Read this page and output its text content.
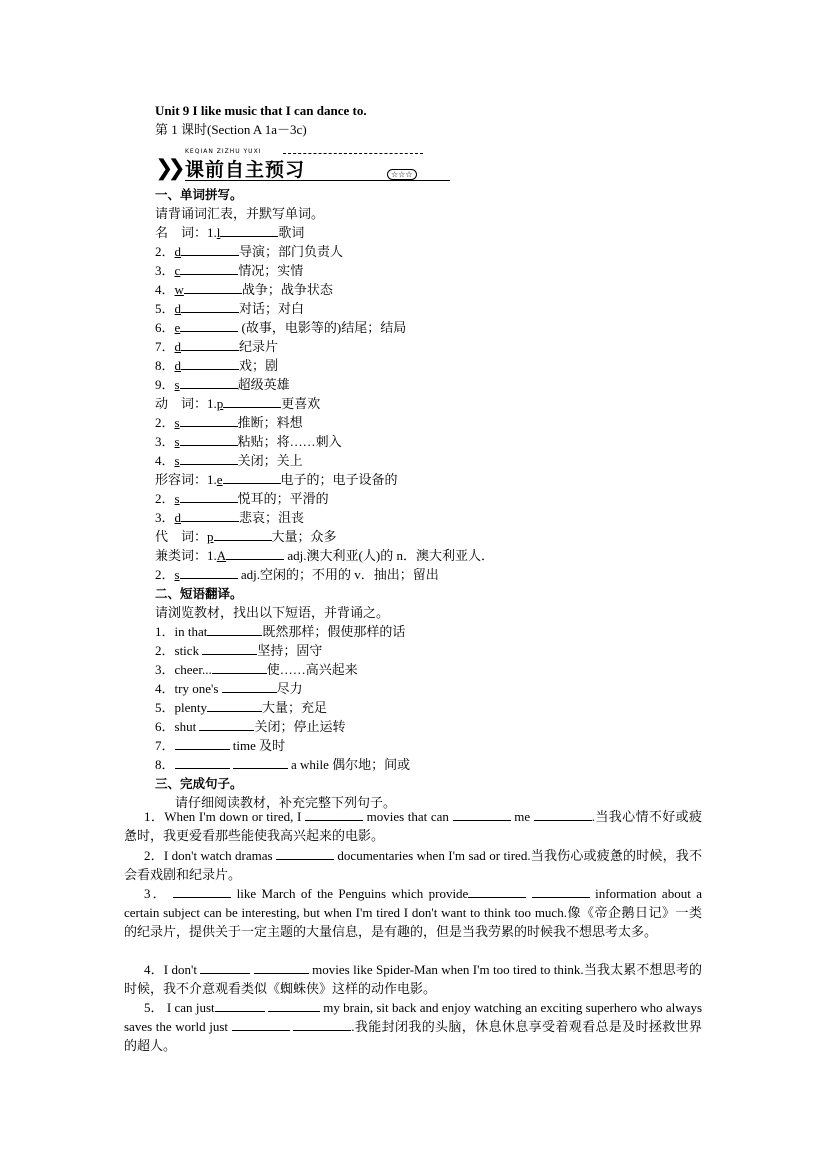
Unit 9 I like music that I can dance to.
第 1 课时(Section A 1a－3c)
❯❯
KEQIAN ZIZHU YUXI
课前自主预习	☆☆☆
一、单词拼写。
请背诵词汇表，并默写单词。
名　词：1.l	歌词
2．d	导演；部门负责人
3．c	情况；实情
4．w	战争；战争状态
5．d	对话；对白
6．e	(故事，电影等的)结尾；结局
7．d	纪录片
8．d	戏；剧
9．s	超级英雄
动　词：1.p	更喜欢
2．s	推断；料想
3．s	粘贴；将……刺入
4．s	关闭；关上
形容词：1.e	电子的；电子设备的
2．s	悦耳的；平滑的
3．d	悲哀；沮丧
代　词：p	大量；众多
兼类词：1.A	adj.澳大利亚(人)的 n．澳大利亚人．
2．s	adj.空闲的；不用的 v．抽出；留出
二、短语翻译。
请浏览教材，找出以下短语，并背诵之。
1．in that	既然那样；假使那样的话
2．stick	坚持；固守
3．cheer...	使……高兴起来
4．try one's	尽力
5．plenty	大量；充足
6．shut	关闭；停止运转
7．	time 及时
8．	a while 偶尔地；间或
三、完成句子。
请仔细阅读教材，补充完整下列句子。
1．When I'm down or tired, I	movies that can	me	.当我心情不好或疲惫时，我更爱看那些能使我高兴起来的电影。
2．I don't watch dramas	documentaries when I'm sad or tired.当我伤心或疲惫的时候，我不会看戏剧和纪录片。
3．	like March of the Penguins which provide	information about a certain subject can be interesting, but when I'm tired I don't want to think too much.像《帝企鹅日记》一类的纪录片，提供关于一定主题的大量信息，是有趣的，但是当我劳累的时候我不想思考太多。
4．I don't	movies like Spider-Man when I'm too tired to think.当我太累不想思考的时候，我不介意观看类似《蜘蛛侠》这样的动作电影。
5． I can just	my brain, sit back and enjoy watching an exciting superhero who always saves the world just	.我能封闭我的头脑，休息休息享受着观看总是及时拯救世界的超人。
